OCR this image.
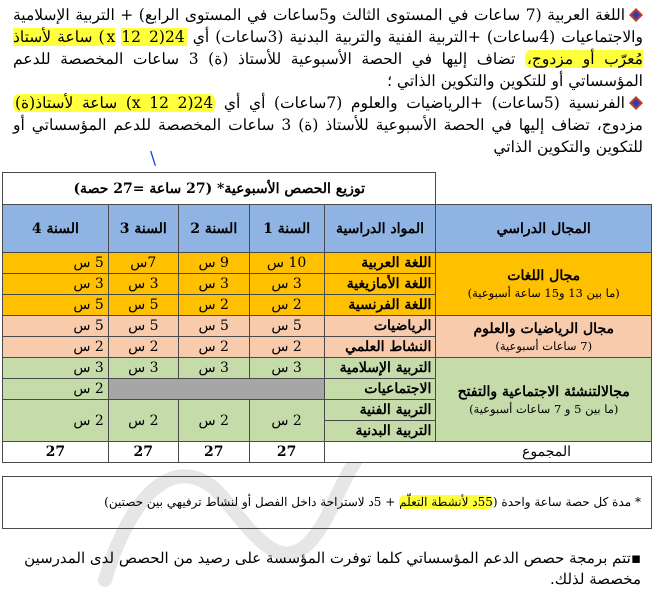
اللغة العربية (7 ساعات في المستوى الثالث و5ساعات في المستوى الرابع) + التربية الإسلامية والاجتماعيات (4ساعات) +التربية الفنية والتربية البدنية (3ساعات) أي 24(2 x 12) ساعة لأستاذ مُعرّب أو مزدوج، تضاف إليها في الحصة الأسبوعية للأستاذ (ة) 3 ساعات المخصصة للدعم المؤسساتي أو للتكوين والتكوين الذاتي ؛
الفرنسية (5ساعات) +الرياضيات والعلوم (7ساعات) أي أي 24(2 x 12) ساعة لأستاذ(ة) مزدوج، تضاف إليها في الحصة الأسبوعية للأستاذ (ة) 3 ساعات المخصصة للدعم المؤسساتي أو للتكوين والتكوين الذاتي
\
	توزيع الحصص الأسبوعية* (27 ساعة =27 حصة)				
المجال الدراسي	المواد الدراسية	السنة 1	السنة 2	السنة 3	السنة 4
مجال اللغات
(ما بين 13 و15 ساعة أسبوعية)	اللغة العربية	10 س	9 س	7س	5 س
	اللغة الأمازيغية	3 س	3 س	3 س	3 س
	اللغة الفرنسية	2 س	2 س	5 س	5 س
مجال الرياضيات والعلوم
(7 ساعات أسبوعية)	الرياضيات	5 س	5 س	5 س	5 س
	النشاط العلمي	2 س	2 س	2 س	2 س
مجالالتنشئة الاجتماعية والتفتح
(ما بين 5 و 7 ساعات أسبوعية)	التربية الإسلامية	3 س	3 س	3 س	3 س
	الاجتماعيات				2 س
	التربية الفنية	2 س	2 س	2 س	2 س
	التربية البدنية				
المجموع		27	27	27	27
* مدة كل حصة ساعة واحدة (55د لأنشطة التعلّم + 5د لاستراحة داخل الفصل أو لنشاط ترفيهي بين حصتين)
▪تتم برمجة حصص الدعم المؤسساتي كلما توفرت المؤسسة على رصيد من الحصص لدى المدرسين مخصصة لذلك.
